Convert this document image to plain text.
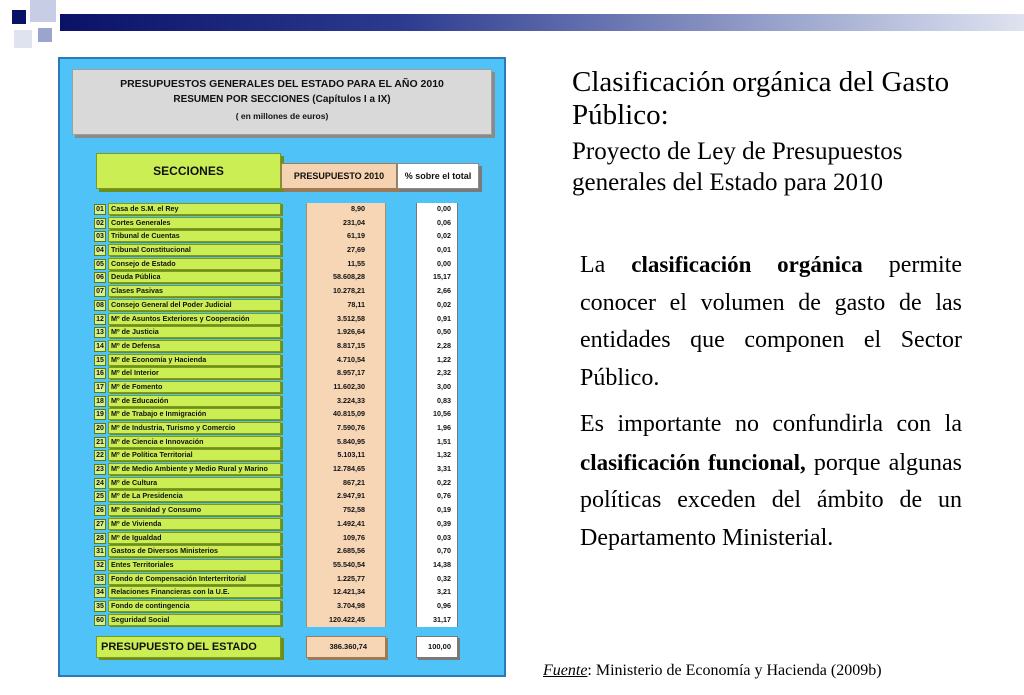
PRESUPUESTOS GENERALES DEL ESTADO PARA EL AÑO 2010
RESUMEN POR SECCIONES (Capítulos I a IX)
( en millones de euros)
SECCIONES	PRESUPUESTO 2010	% sobre el total
01 Casa de S.M. el Rey	8,90	0,00
02 Cortes Generales	231,04	0,06
03 Tribunal de Cuentas	61,19	0,02
04 Tribunal Constitucional	27,69	0,01
05 Consejo de Estado	11,55	0,00
06 Deuda Pública	58.608,28	15,17
07 Clases Pasivas	10.278,21	2,66
08 Consejo General del Poder Judicial	78,11	0,02
12 Mº de Asuntos Exteriores y Cooperación	3.512,58	0,91
13 Mº de Justicia	1.926,64	0,50
14 Mº de Defensa	8.817,15	2,28
15 Mº de Economía y Hacienda	4.710,54	1,22
16 Mº del Interior	8.957,17	2,32
17 Mº de Fomento	11.602,30	3,00
18 Mº de Educación	3.224,33	0,83
19 Mº de Trabajo e Inmigración	40.815,09	10,56
20 Mº de Industria, Turismo y Comercio	7.590,76	1,96
21 Mº de Ciencia e Innovación	5.840,95	1,51
22 Mº de Política Territorial	5.103,11	1,32
23 Mº de Medio Ambiente y Medio Rural y Marino	12.784,65	3,31
24 Mº de Cultura	867,21	0,22
25 Mº de La Presidencia	2.947,91	0,76
26 Mº de Sanidad y Consumo	752,58	0,19
27 Mº de Vivienda	1.492,41	0,39
28 Mº de Igualdad	109,76	0,03
31 Gastos de Diversos Ministerios	2.685,56	0,70
32 Entes Territoriales	55.540,54	14,38
33 Fondo de Compensación Interterritorial	1.225,77	0,32
34 Relaciones Financieras con la U.E.	12.421,34	3,21
35 Fondo de contingencia	3.704,98	0,96
60 Seguridad Social	120.422,45	31,17
PRESUPUESTO DEL ESTADO	386.360,74	100,00
Clasificación orgánica del Gasto Público:
Proyecto de Ley de Presupuestos generales del Estado para 2010

La clasificación orgánica permite conocer el volumen de gasto de las entidades que componen el Sector Público.

Es importante no confundirla con la clasificación funcional, porque algunas políticas exceden del ámbito de un Departamento Ministerial.

Fuente: Ministerio de Economía y Hacienda (2009b)
